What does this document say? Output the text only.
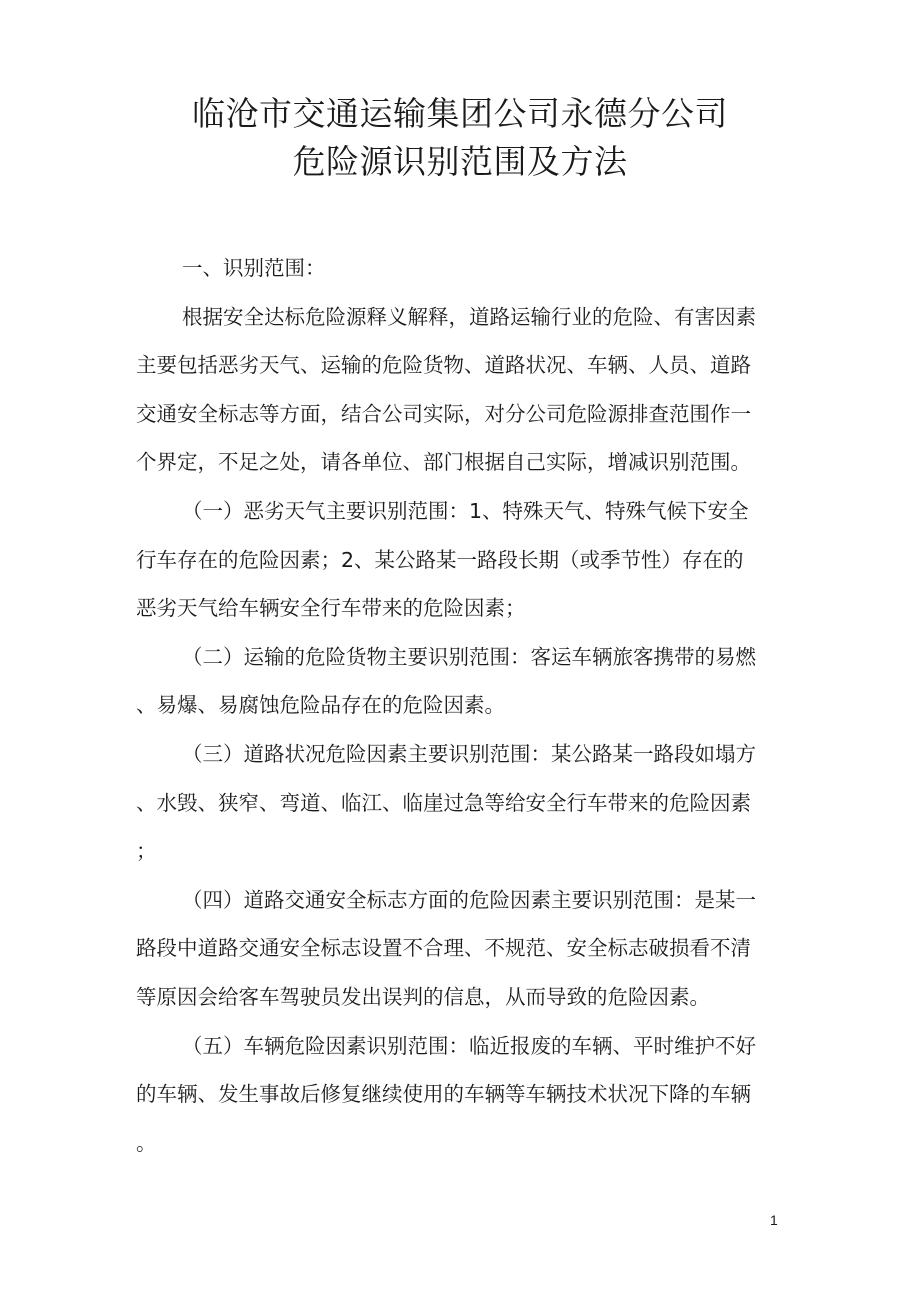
临沧市交通运输集团公司永德分公司
危险源识别范围及方法
一、识别范围：
根据安全达标危险源释义解释，道路运输行业的危险、有害因素
主要包括恶劣天气、运输的危险货物、道路状况、车辆、人员、道路
交通安全标志等方面，结合公司实际，对分公司危险源排查范围作一
个界定，不足之处，请各单位、部门根据自己实际，增减识别范围。
（一）恶劣天气主要识别范围：1、特殊天气、特殊气候下安全
行车存在的危险因素；2、某公路某一路段长期（或季节性）存在的
恶劣天气给车辆安全行车带来的危险因素；
（二）运输的危险货物主要识别范围：客运车辆旅客携带的易燃
、易爆、易腐蚀危险品存在的危险因素。
（三）道路状况危险因素主要识别范围：某公路某一路段如塌方
、水毁、狭窄、弯道、临江、临崖过急等给安全行车带来的危险因素
；
（四）道路交通安全标志方面的危险因素主要识别范围：是某一
路段中道路交通安全标志设置不合理、不规范、安全标志破损看不清
等原因会给客车驾驶员发出误判的信息，从而导致的危险因素。
（五）车辆危险因素识别范围：临近报废的车辆、平时维护不好
的车辆、发生事故后修复继续使用的车辆等车辆技术状况下降的车辆
。
1
